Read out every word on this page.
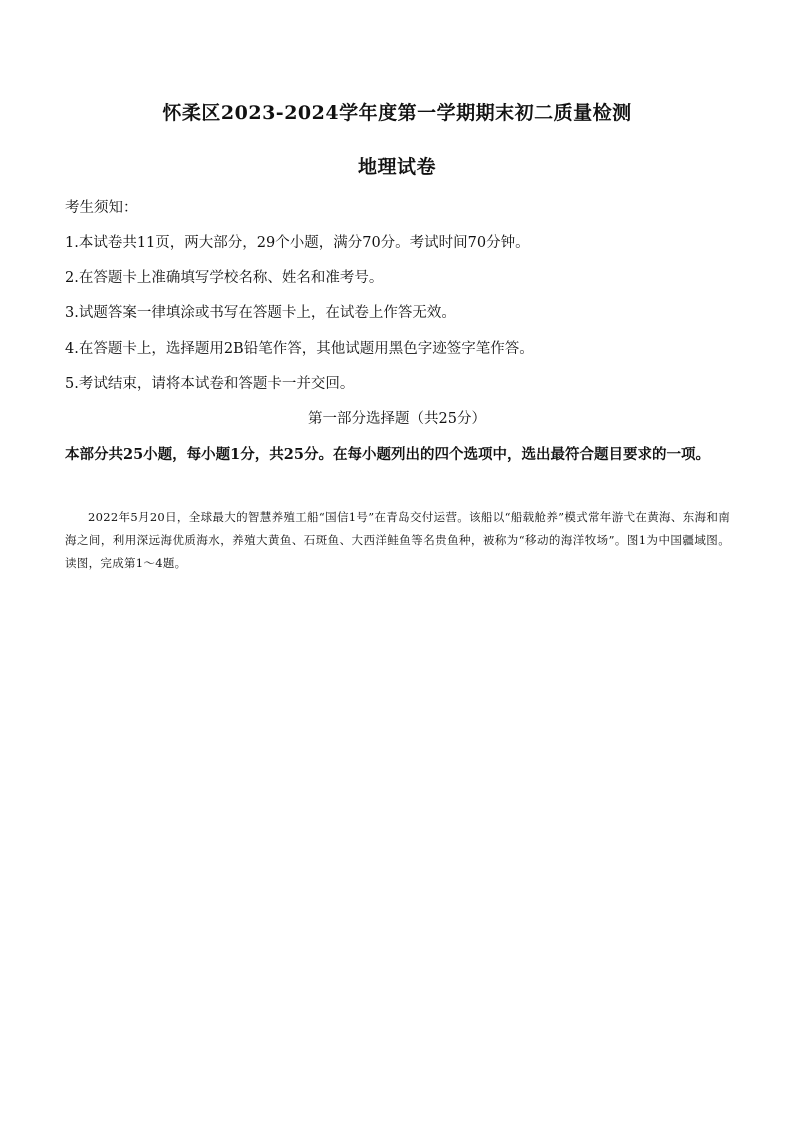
怀柔区2023-2024学年度第一学期期末初二质量检测
地理试卷

考生须知：

1.本试卷共11页，两大部分，29个小题，满分70分。考试时间70分钟。

2.在答题卡上准确填写学校名称、姓名和准考号。

3.试题答案一律填涂或书写在答题卡上，在试卷上作答无效。

4.在答题卡上，选择题用2B铅笔作答，其他试题用黑色字迹签字笔作答。

5.考试结束，请将本试卷和答题卡一并交回。

第一部分选择题（共25分）

本部分共25小题，每小题1分，共25分。在每小题列出的四个选项中，选出最符合题目要求的一项。

2022年5月20日，全球最大的智慧养殖工船“国信1号”在青岛交付运营。该船以“船载舱养”模式常年游弋在黄海、东海和南海之间，利用深远海优质海水，养殖大黄鱼、石斑鱼、大西洋鲑鱼等名贵鱼种，被称为“移动的海洋牧场”。图1为中国疆域图。读图，完成第1～4题。
